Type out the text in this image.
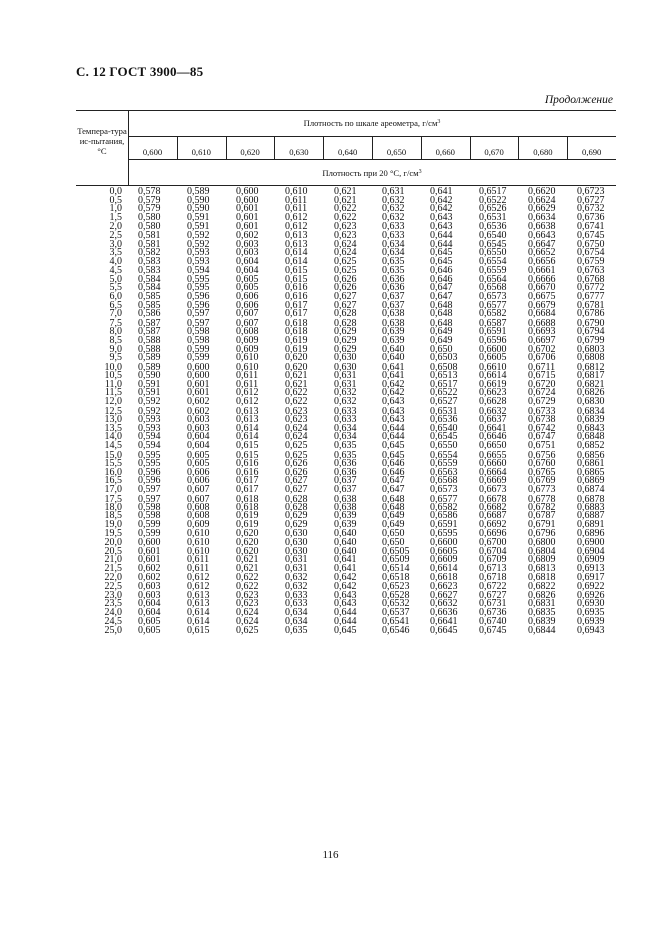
С. 12 ГОСТ 3900—85
Продолжение
Темпера-тура ис-пытания, °С
Плотность по шкале ареометра, $г/см^3$
Плотность при 20 °С, $г/см^3$
0,600	0,610	0,620	0,630	0,640	0,650	0,660	0,670	0,680	0,690
0,0	0,578	0,589	0,600	0,610	0,621	0,631	0,641	0,6517	0,6620	0,6723
0,5	0,579	0,590	0,600	0,611	0,621	0,632	0,642	0,6522	0,6624	0,6727
1,0	0,579	0,590	0,601	0,611	0,622	0,632	0,642	0,6526	0,6629	0,6732
1,5	0,580	0,591	0,601	0,612	0,622	0,632	0,643	0,6531	0,6634	0,6736
2,0	0,580	0,591	0,601	0,612	0,623	0,633	0,643	0,6536	0,6638	0,6741
2,5	0,581	0,592	0,602	0,613	0,623	0,633	0,644	0,6540	0,6643	0,6745
3,0	0,581	0,592	0,603	0,613	0,624	0,634	0,644	0,6545	0,6647	0,6750
3,5	0,582	0,593	0,603	0,614	0,624	0,634	0,645	0,6550	0,6652	0,6754
4,0	0,583	0,593	0,604	0,614	0,625	0,635	0,645	0,6554	0,6656	0,6759
4,5	0,583	0,594	0,604	0,615	0,625	0,635	0,646	0,6559	0,6661	0,6763
5,0	0,584	0,595	0,605	0,615	0,626	0,636	0,646	0,6564	0,6666	0,6768
5,5	0,584	0,595	0,605	0,616	0,626	0,636	0,647	0,6568	0,6670	0,6772
6,0	0,585	0,596	0,606	0,616	0,627	0,637	0,647	0,6573	0,6675	0,6777
6,5	0,585	0,596	0,606	0,617	0,627	0,637	0,648	0,6577	0,6679	0,6781
7,0	0,586	0,597	0,607	0,617	0,628	0,638	0,648	0,6582	0,6684	0,6786
7,5	0,587	0,597	0,607	0,618	0,628	0,638	0,648	0,6587	0,6688	0,6790
8,0	0,587	0,598	0,608	0,618	0,629	0,639	0,649	0,6591	0,6693	0,6794
8,5	0,588	0,598	0,609	0,619	0,629	0,639	0,649	0,6596	0,6697	0,6799
9,0	0,588	0,599	0,609	0,619	0,629	0,640	0,650	0,6600	0,6702	0,6803
9,5	0,589	0,599	0,610	0,620	0,630	0,640	0,6503	0,6605	0,6706	0,6808
10,0	0,589	0,600	0,610	0,620	0,630	0,641	0,6508	0,6610	0,6711	0,6812
10,5	0,590	0,600	0,611	0,621	0,631	0,641	0,6513	0,6614	0,6715	0,6817
11,0	0,591	0,601	0,611	0,621	0,631	0,642	0,6517	0,6619	0,6720	0,6821
11,5	0,591	0,601	0,612	0,622	0,632	0,642	0,6522	0,6623	0,6724	0,6826
12,0	0,592	0,602	0,612	0,622	0,632	0,643	0,6527	0,6628	0,6729	0,6830
12,5	0,592	0,602	0,613	0,623	0,633	0,643	0,6531	0,6632	0,6733	0,6834
13,0	0,593	0,603	0,613	0,623	0,633	0,643	0,6536	0,6637	0,6738	0,6839
13,5	0,593	0,603	0,614	0,624	0,634	0,644	0,6540	0,6641	0,6742	0,6843
14,0	0,594	0,604	0,614	0,624	0,634	0,644	0,6545	0,6646	0,6747	0,6848
14,5	0,594	0,604	0,615	0,625	0,635	0,645	0,6550	0,6650	0,6751	0,6852
15,0	0,595	0,605	0,615	0,625	0,635	0,645	0,6554	0,6655	0,6756	0,6856
15,5	0,595	0,605	0,616	0,626	0,636	0,646	0,6559	0,6660	0,6760	0,6861
16,0	0,596	0,606	0,616	0,626	0,636	0,646	0,6563	0,6664	0,6765	0,6865
16,5	0,596	0,606	0,617	0,627	0,637	0,647	0,6568	0,6669	0,6769	0,6869
17,0	0,597	0,607	0,617	0,627	0,637	0,647	0,6573	0,6673	0,6773	0,6874
17,5	0,597	0,607	0,618	0,628	0,638	0,648	0,6577	0,6678	0,6778	0,6878
18,0	0,598	0,608	0,618	0,628	0,638	0,648	0,6582	0,6682	0,6782	0,6883
18,5	0,598	0,608	0,619	0,629	0,639	0,649	0,6586	0,6687	0,6787	0,6887
19,0	0,599	0,609	0,619	0,629	0,639	0,649	0,6591	0,6692	0,6791	0,6891
19,5	0,599	0,610	0,620	0,630	0,640	0,650	0,6595	0,6696	0,6796	0,6896
20,0	0,600	0,610	0,620	0,630	0,640	0,650	0,6600	0,6700	0,6800	0,6900
20,5	0,601	0,610	0,620	0,630	0,640	0,6505	0,6605	0,6704	0,6804	0,6904
21,0	0,601	0,611	0,621	0,631	0,641	0,6509	0,6609	0,6709	0,6809	0,6909
21,5	0,602	0,611	0,621	0,631	0,641	0,6514	0,6614	0,6713	0,6813	0,6913
22,0	0,602	0,612	0,622	0,632	0,642	0,6518	0,6618	0,6718	0,6818	0,6917
22,5	0,603	0,612	0,622	0,632	0,642	0,6523	0,6623	0,6722	0,6822	0,6922
23,0	0,603	0,613	0,623	0,633	0,643	0,6528	0,6627	0,6727	0,6826	0,6926
23,5	0,604	0,613	0,623	0,633	0,643	0,6532	0,6632	0,6731	0,6831	0,6930
24,0	0,604	0,614	0,624	0,634	0,644	0,6537	0,6636	0,6736	0,6835	0,6935
24,5	0,605	0,614	0,624	0,634	0,644	0,6541	0,6641	0,6740	0,6839	0,6939
25,0	0,605	0,615	0,625	0,635	0,645	0,6546	0,6645	0,6745	0,6844	0,6943
116
